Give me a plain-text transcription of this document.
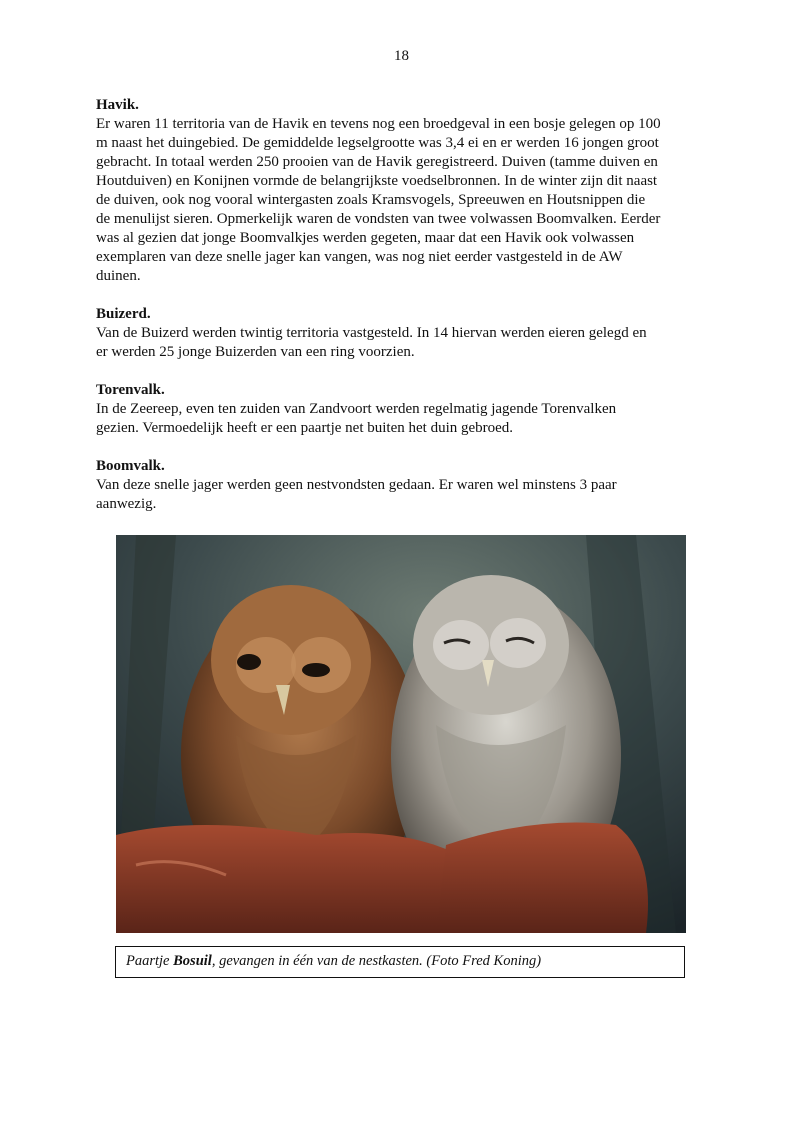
18
Havik.
Er waren 11 territoria van de Havik en tevens nog een broedgeval in een bosje gelegen op 100
m naast het duingebied. De gemiddelde legselgrootte was 3,4 ei en er werden 16 jongen groot
gebracht. In totaal werden 250 prooien van de Havik geregistreerd. Duiven (tamme duiven en
Houtduiven) en Konijnen vormde de belangrijkste voedselbronnen. In de winter zijn dit naast
de duiven, ook nog vooral wintergasten zoals Kramsvogels, Spreeuwen en Houtsnippen die
de menulijst sieren. Opmerkelijk waren de vondsten van twee volwassen Boomvalken. Eerder
was al gezien dat jonge Boomvalkjes werden gegeten, maar dat een Havik ook volwassen
exemplaren van deze snelle jager kan vangen, was nog niet eerder vastgesteld in de AW
duinen.
Buizerd.
Van de Buizerd werden twintig territoria vastgesteld. In 14 hiervan werden eieren gelegd en
er werden 25 jonge Buizerden van een ring voorzien.
Torenvalk.
In de Zeereep, even ten zuiden van Zandvoort werden regelmatig jagende Torenvalken
gezien. Vermoedelijk heeft er een paartje net buiten het duin gebroed.
Boomvalk.
Van deze snelle jager werden geen nestvondsten gedaan. Er waren wel minstens 3 paar
aanwezig.
Paartje Bosuil, gevangen in één van de nestkasten. (Foto Fred Koning)
